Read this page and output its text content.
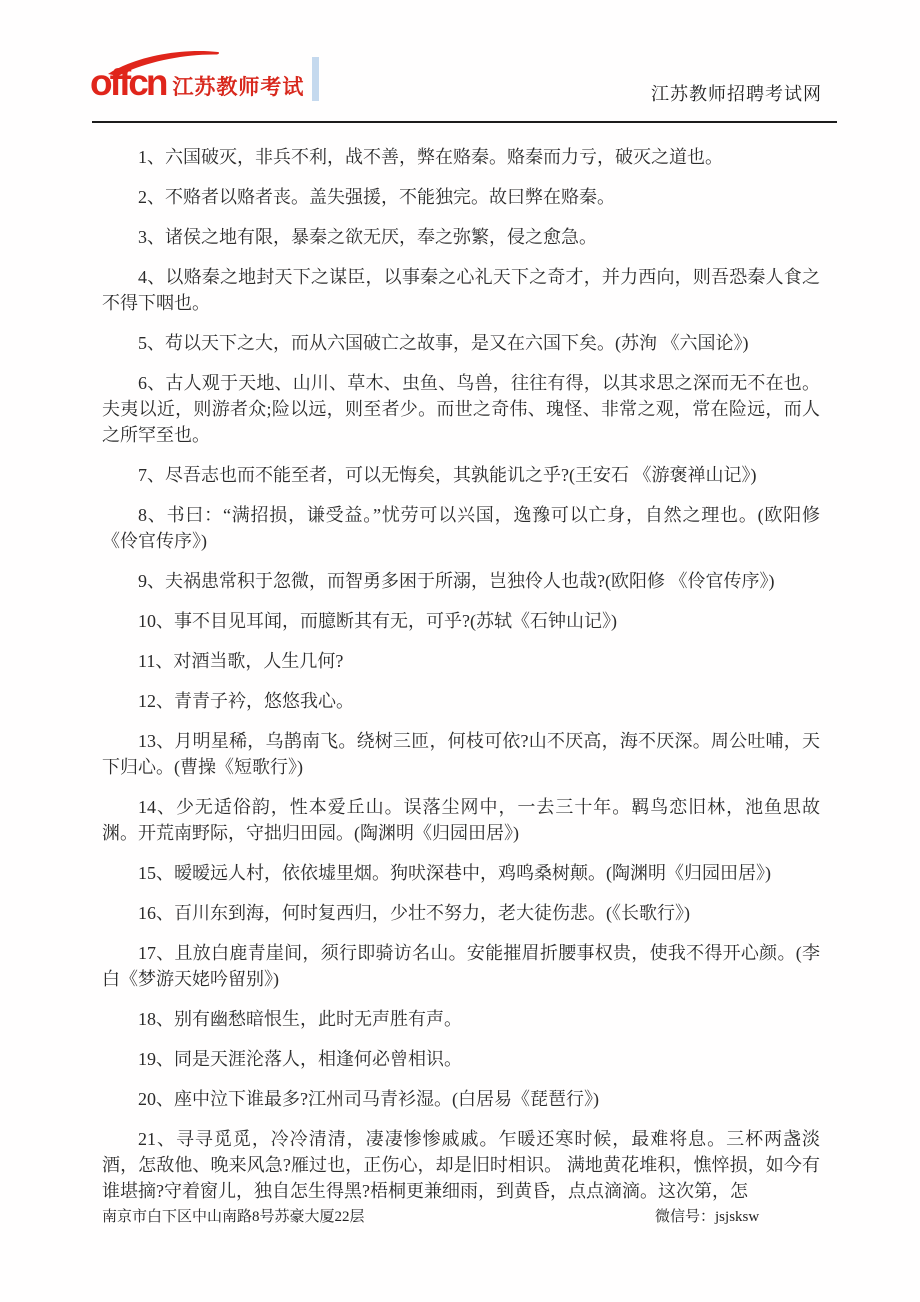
offcn 江苏教师考试	江苏教师招聘考试网

1、六国破灭，非兵不利，战不善，弊在赂秦。赂秦而力亏，破灭之道也。

2、不赂者以赂者丧。盖失强援，不能独完。故曰弊在赂秦。

3、诸侯之地有限，暴秦之欲无厌，奉之弥繁，侵之愈急。

4、以赂秦之地封天下之谋臣，以事秦之心礼天下之奇才，并力西向，则吾恐秦人食之不得下咽也。

5、苟以天下之大，而从六国破亡之故事，是又在六国下矣。(苏洵 《六国论》)

6、古人观于天地、山川、草木、虫鱼、鸟兽，往往有得，以其求思之深而无不在也。夫夷以近，则游者众;险以远，则至者少。而世之奇伟、瑰怪、非常之观，常在险远，而人之所罕至也。

7、尽吾志也而不能至者，可以无悔矣，其孰能讥之乎?(王安石 《游褒禅山记》)

8、书曰：“满招损，谦受益。”忧劳可以兴国，逸豫可以亡身，自然之理也。(欧阳修 《伶官传序》)

9、夫祸患常积于忽微，而智勇多困于所溺，岂独伶人也哉?(欧阳修 《伶官传序》)

10、事不目见耳闻，而臆断其有无，可乎?(苏轼《石钟山记》)

11、对酒当歌，人生几何?

12、青青子衿，悠悠我心。

13、月明星稀，乌鹊南飞。绕树三匝，何枝可依?山不厌高，海不厌深。周公吐哺，天下归心。(曹操《短歌行》)

14、少无适俗韵，性本爱丘山。误落尘网中，一去三十年。羁鸟恋旧林，池鱼思故渊。开荒南野际，守拙归田园。(陶渊明《归园田居》)

15、暧暧远人村，依依墟里烟。狗吠深巷中，鸡鸣桑树颠。(陶渊明《归园田居》)

16、百川东到海，何时复西归，少壮不努力，老大徒伤悲。(《长歌行》)

17、且放白鹿青崖间，须行即骑访名山。安能摧眉折腰事权贵，使我不得开心颜。(李白《梦游天姥吟留别》)

18、别有幽愁暗恨生，此时无声胜有声。

19、同是天涯沦落人，相逢何必曾相识。

20、座中泣下谁最多?江州司马青衫湿。(白居易《琵琶行》)

21、寻寻觅觅，冷冷清清，凄凄惨惨戚戚。乍暖还寒时候，最难将息。三杯两盏淡酒，怎敌他、晚来风急?雁过也，正伤心，却是旧时相识。 满地黄花堆积，憔悴损，如今有谁堪摘?守着窗儿，独自怎生得黑?梧桐更兼细雨，到黄昏，点点滴滴。这次第，怎

南京市白下区中山南路8号苏豪大厦22层	微信号：jsjsksw
